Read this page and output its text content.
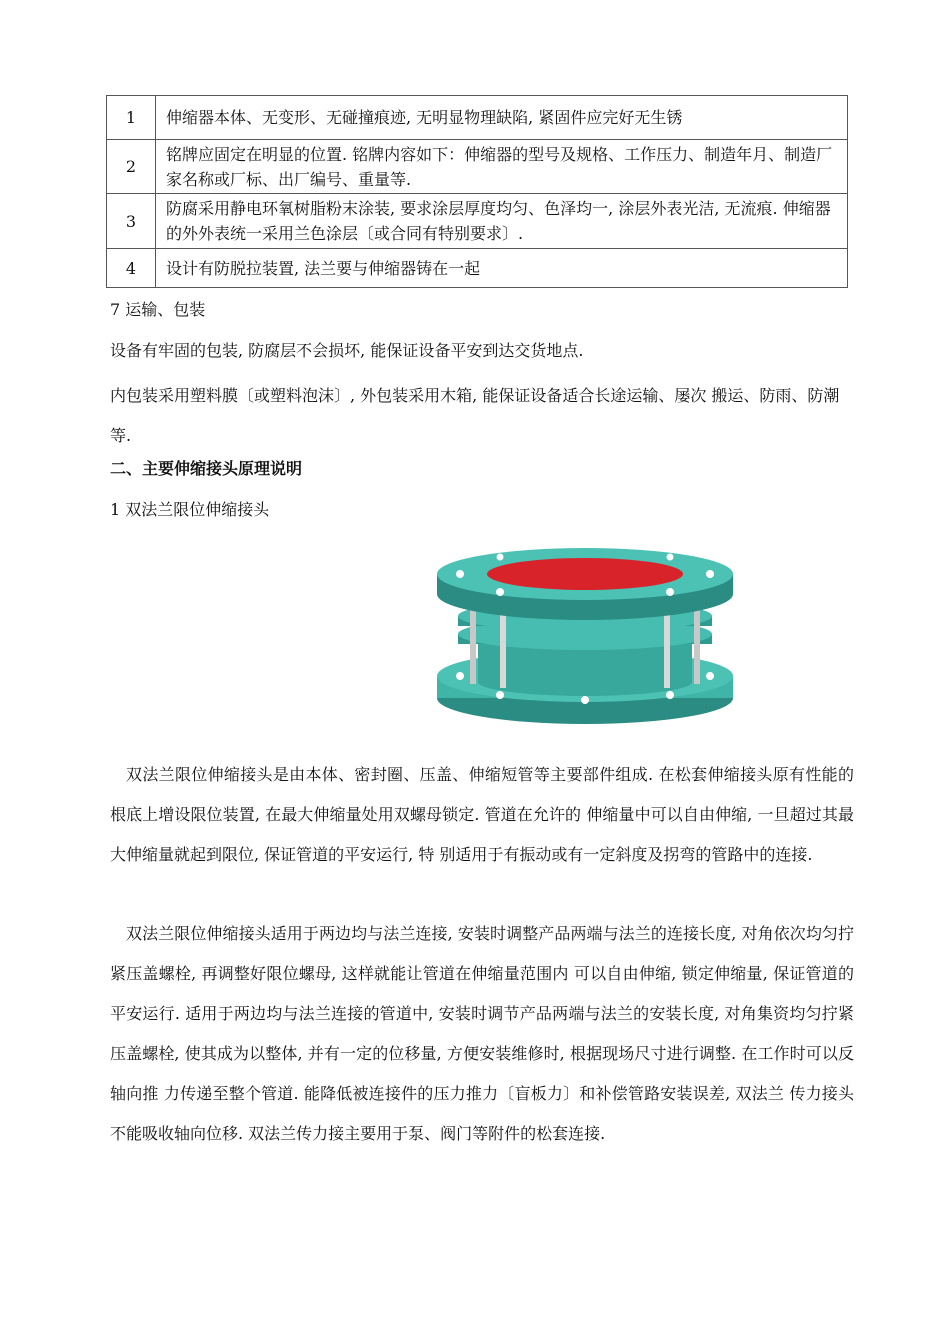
1	伸缩器本体、无变形、无碰撞痕迹, 无明显物理缺陷, 紧固件应完好无生锈
2	铭牌应固定在明显的位置. 铭牌内容如下：伸缩器的型号及规格、工作压力、制造年月、制造厂家名称或厂标、出厂编号、重量等.
3	防腐采用静电环氧树脂粉末涂装, 要求涂层厚度均匀、色泽均一, 涂层外表光洁, 无流痕. 伸缩器的外外表统一采用兰色涂层〔或合同有特别要求〕.
4	设计有防脱拉装置, 法兰要与伸缩器铸在一起
7 运输、包装
设备有牢固的包装, 防腐层不会损坏, 能保证设备平安到达交货地点.
内包装采用塑料膜〔或塑料泡沫〕, 外包装采用木箱, 能保证设备适合长途运输、屡次 搬运、防雨、防潮等.
二、主要伸缩接头原理说明
1 双法兰限位伸缩接头
双法兰限位伸缩接头是由本体、密封圈、压盖、伸缩短管等主要部件组成. 在松套伸缩接头原有性能的根底上增设限位装置, 在最大伸缩量处用双螺母锁定. 管道在允许的 伸缩量中可以自由伸缩, 一旦超过其最大伸缩量就起到限位, 保证管道的平安运行, 特 别适用于有振动或有一定斜度及拐弯的管路中的连接.
双法兰限位伸缩接头适用于两边均与法兰连接, 安装时调整产品两端与法兰的连接长度, 对角依次均匀拧紧压盖螺栓, 再调整好限位螺母, 这样就能让管道在伸缩量范围内 可以自由伸缩, 锁定伸缩量, 保证管道的平安运行. 适用于两边均与法兰连接的管道中, 安装时调节产品两端与法兰的安装长度, 对角集资均匀拧紧压盖螺栓, 使其成为以整体, 并有一定的位移量, 方便安装维修时, 根据现场尺寸进行调整. 在工作时可以反轴向推 力传递至整个管道. 能降低被连接件的压力推力〔盲板力〕和补偿管路安装误差, 双法兰 传力接头不能吸收轴向位移. 双法兰传力接主要用于泵、阀门等附件的松套连接.
